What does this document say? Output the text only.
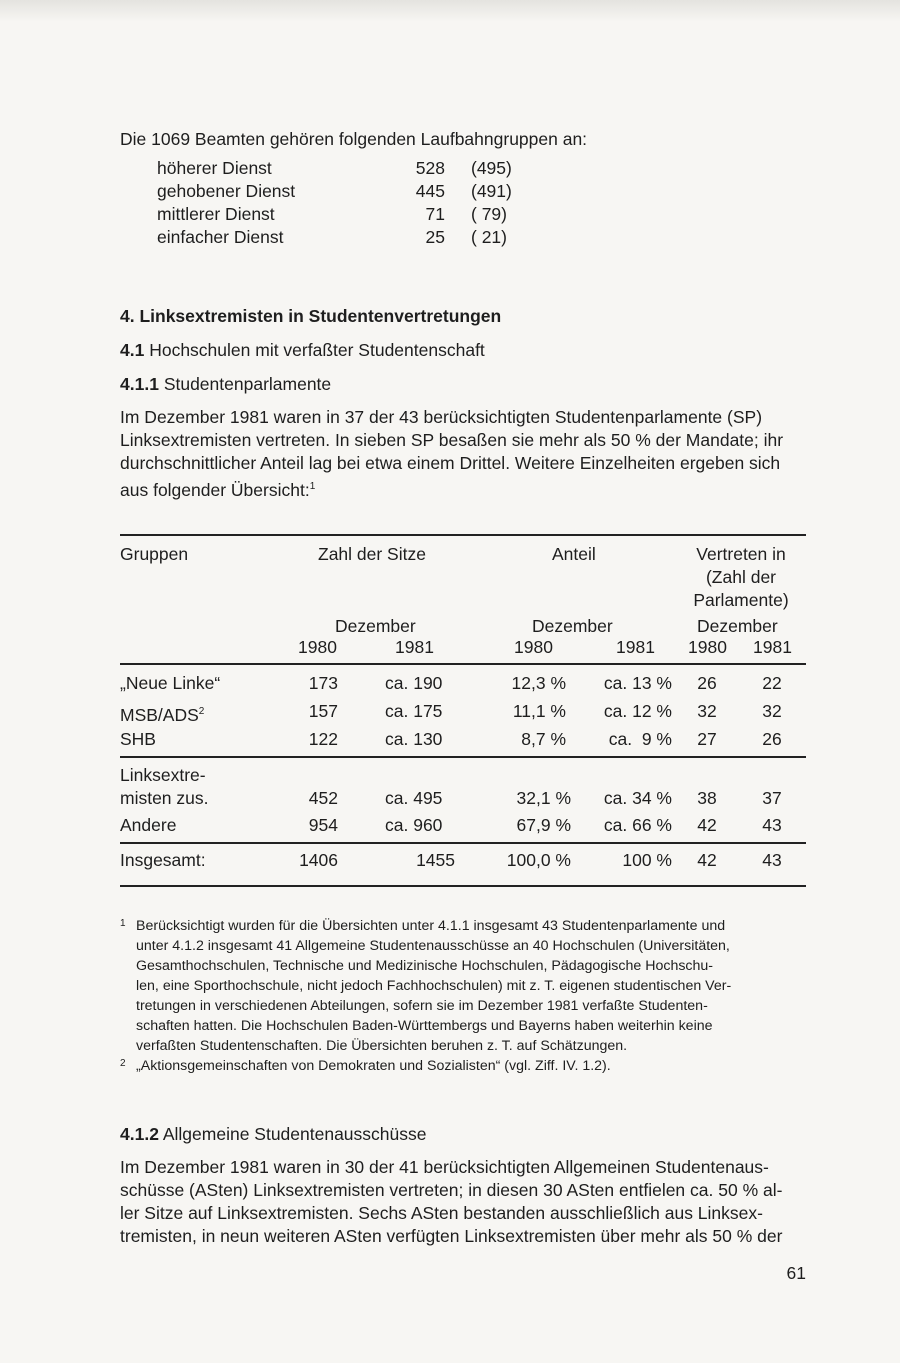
Die 1069 Beamten gehören folgenden Laufbahngruppen an:
höherer Dienst	528 (495)
gehobener Dienst	445 (491)
mittlerer Dienst	71 ( 79)
einfacher Dienst	25 ( 21)
4. Linksextremisten in Studentenvertretungen
4.1 Hochschulen mit verfaßter Studentenschaft
4.1.1 Studentenparlamente
Im Dezember 1981 waren in 37 der 43 berücksichtigten Studentenparlamente (SP)
Linksextremisten vertreten. In sieben SP besaßen sie mehr als 50 % der Mandate; ihr
durchschnittlicher Anteil lag bei etwa einem Drittel. Weitere Einzelheiten ergeben sich
aus folgender Übersicht:$^1$
Gruppen	Zahl der Sitze	Anteil	Vertreten in
(Zahl der
Parlamente)
Dezember	Dezember	Dezember
1980	1981	1980	1981 1980 1981
„Neue Linke“	173	ca. 190	12,3 %	ca. 13 %	26	22
MSB/ADS$^2$	157	ca. 175	11,1 %	ca. 12 %	32	32
SHB	122	ca. 130	8,7 %	ca.  9 %	27	26
Linksextre-
misten zus.	452	ca. 495	32,1 %	ca. 34 %	38	37
Andere	954	ca. 960	67,9 %	ca. 66 %	42	43
Insgesamt:	1406	1455	100,0 %	100 %	42	43
1 Berücksichtigt wurden für die Übersichten unter 4.1.1 insgesamt 43 Studentenparlamente und
unter 4.1.2 insgesamt 41 Allgemeine Studentenausschüsse an 40 Hochschulen (Universitäten,
Gesamthochschulen, Technische und Medizinische Hochschulen, Pädagogische Hochschu-
len, eine Sporthochschule, nicht jedoch Fachhochschulen) mit z. T. eigenen studentischen Ver-
tretungen in verschiedenen Abteilungen, sofern sie im Dezember 1981 verfaßte Studenten-
schaften hatten. Die Hochschulen Baden-Württembergs und Bayerns haben weiterhin keine
verfaßten Studentenschaften. Die Übersichten beruhen z. T. auf Schätzungen.
2 „Aktionsgemeinschaften von Demokraten und Sozialisten“ (vgl. Ziff. IV. 1.2).
4.1.2 Allgemeine Studentenausschüsse
Im Dezember 1981 waren in 30 der 41 berücksichtigten Allgemeinen Studentenaus-
schüsse (ASten) Linksextremisten vertreten; in diesen 30 ASten entfielen ca. 50 % al-
ler Sitze auf Linksextremisten. Sechs ASten bestanden ausschließlich aus Linksex-
tremisten, in neun weiteren ASten verfügten Linksextremisten über mehr als 50 % der
61
